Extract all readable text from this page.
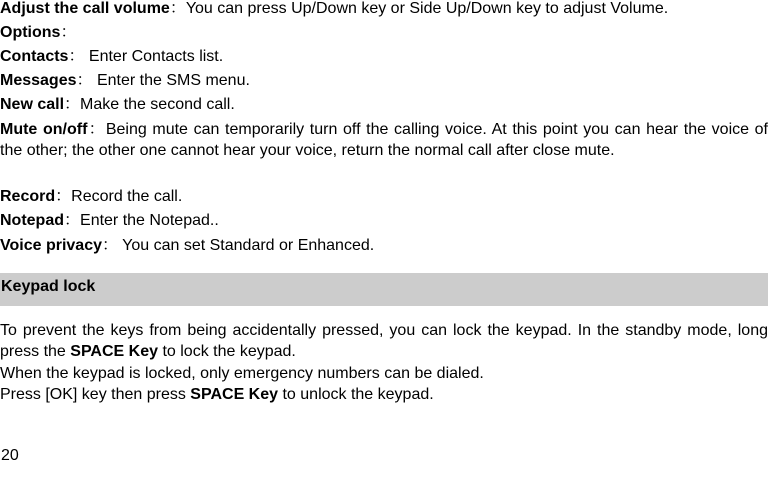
Adjust the call volume：You can press Up/Down key or Side Up/Down key to adjust Volume.
Options：
Contacts： Enter Contacts list.
Messages： Enter the SMS menu.
New call：Make the second call.
Mute on/off：Being mute can temporarily turn off the calling voice. At this point you can hear the voice of the other; the other one cannot hear your voice, return the normal call after close mute.
Record：Record the call.
Notepad：Enter the Notepad..
Voice privacy： You can set Standard or Enhanced.
Keypad lock
To prevent the keys from being accidentally pressed, you can lock the keypad. In the standby mode, long press the SPACE Key to lock the keypad.
When the keypad is locked, only emergency numbers can be dialed.
Press [OK] key then press SPACE Key to unlock the keypad.
20
